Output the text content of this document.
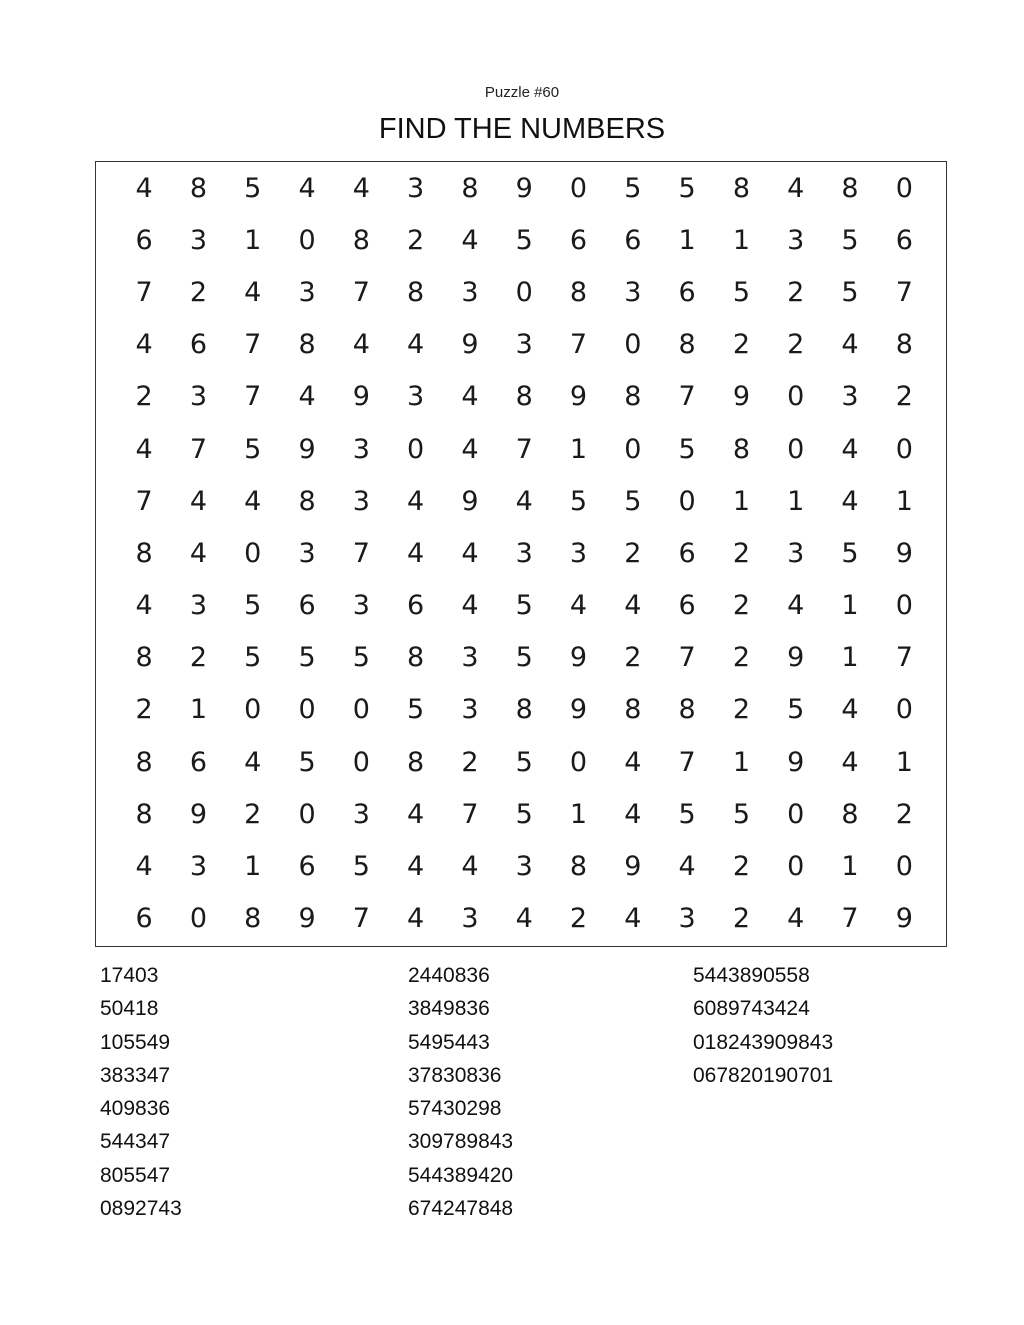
Puzzle #60
FIND THE NUMBERS
4	8	5	4	4	3	8	9	0	5	5	8	4	8	0
6	3	1	0	8	2	4	5	6	6	1	1	3	5	6
7	2	4	3	7	8	3	0	8	3	6	5	2	5	7
4	6	7	8	4	4	9	3	7	0	8	2	2	4	8
2	3	7	4	9	3	4	8	9	8	7	9	0	3	2
4	7	5	9	3	0	4	7	1	0	5	8	0	4	0
7	4	4	8	3	4	9	4	5	5	0	1	1	4	1
8	4	0	3	7	4	4	3	3	2	6	2	3	5	9
4	3	5	6	3	6	4	5	4	4	6	2	4	1	0
8	2	5	5	5	8	3	5	9	2	7	2	9	1	7
2	1	0	0	0	5	3	8	9	8	8	2	5	4	0
8	6	4	5	0	8	2	5	0	4	7	1	9	4	1
8	9	2	0	3	4	7	5	1	4	5	5	0	8	2
4	3	1	6	5	4	4	3	8	9	4	2	0	1	0
6	0	8	9	7	4	3	4	2	4	3	2	4	7	9
17403
50418
105549
383347
409836
544347
805547
0892743
2440836
3849836
5495443
37830836
57430298
309789843
544389420
674247848
5443890558
6089743424
018243909843
067820190701
